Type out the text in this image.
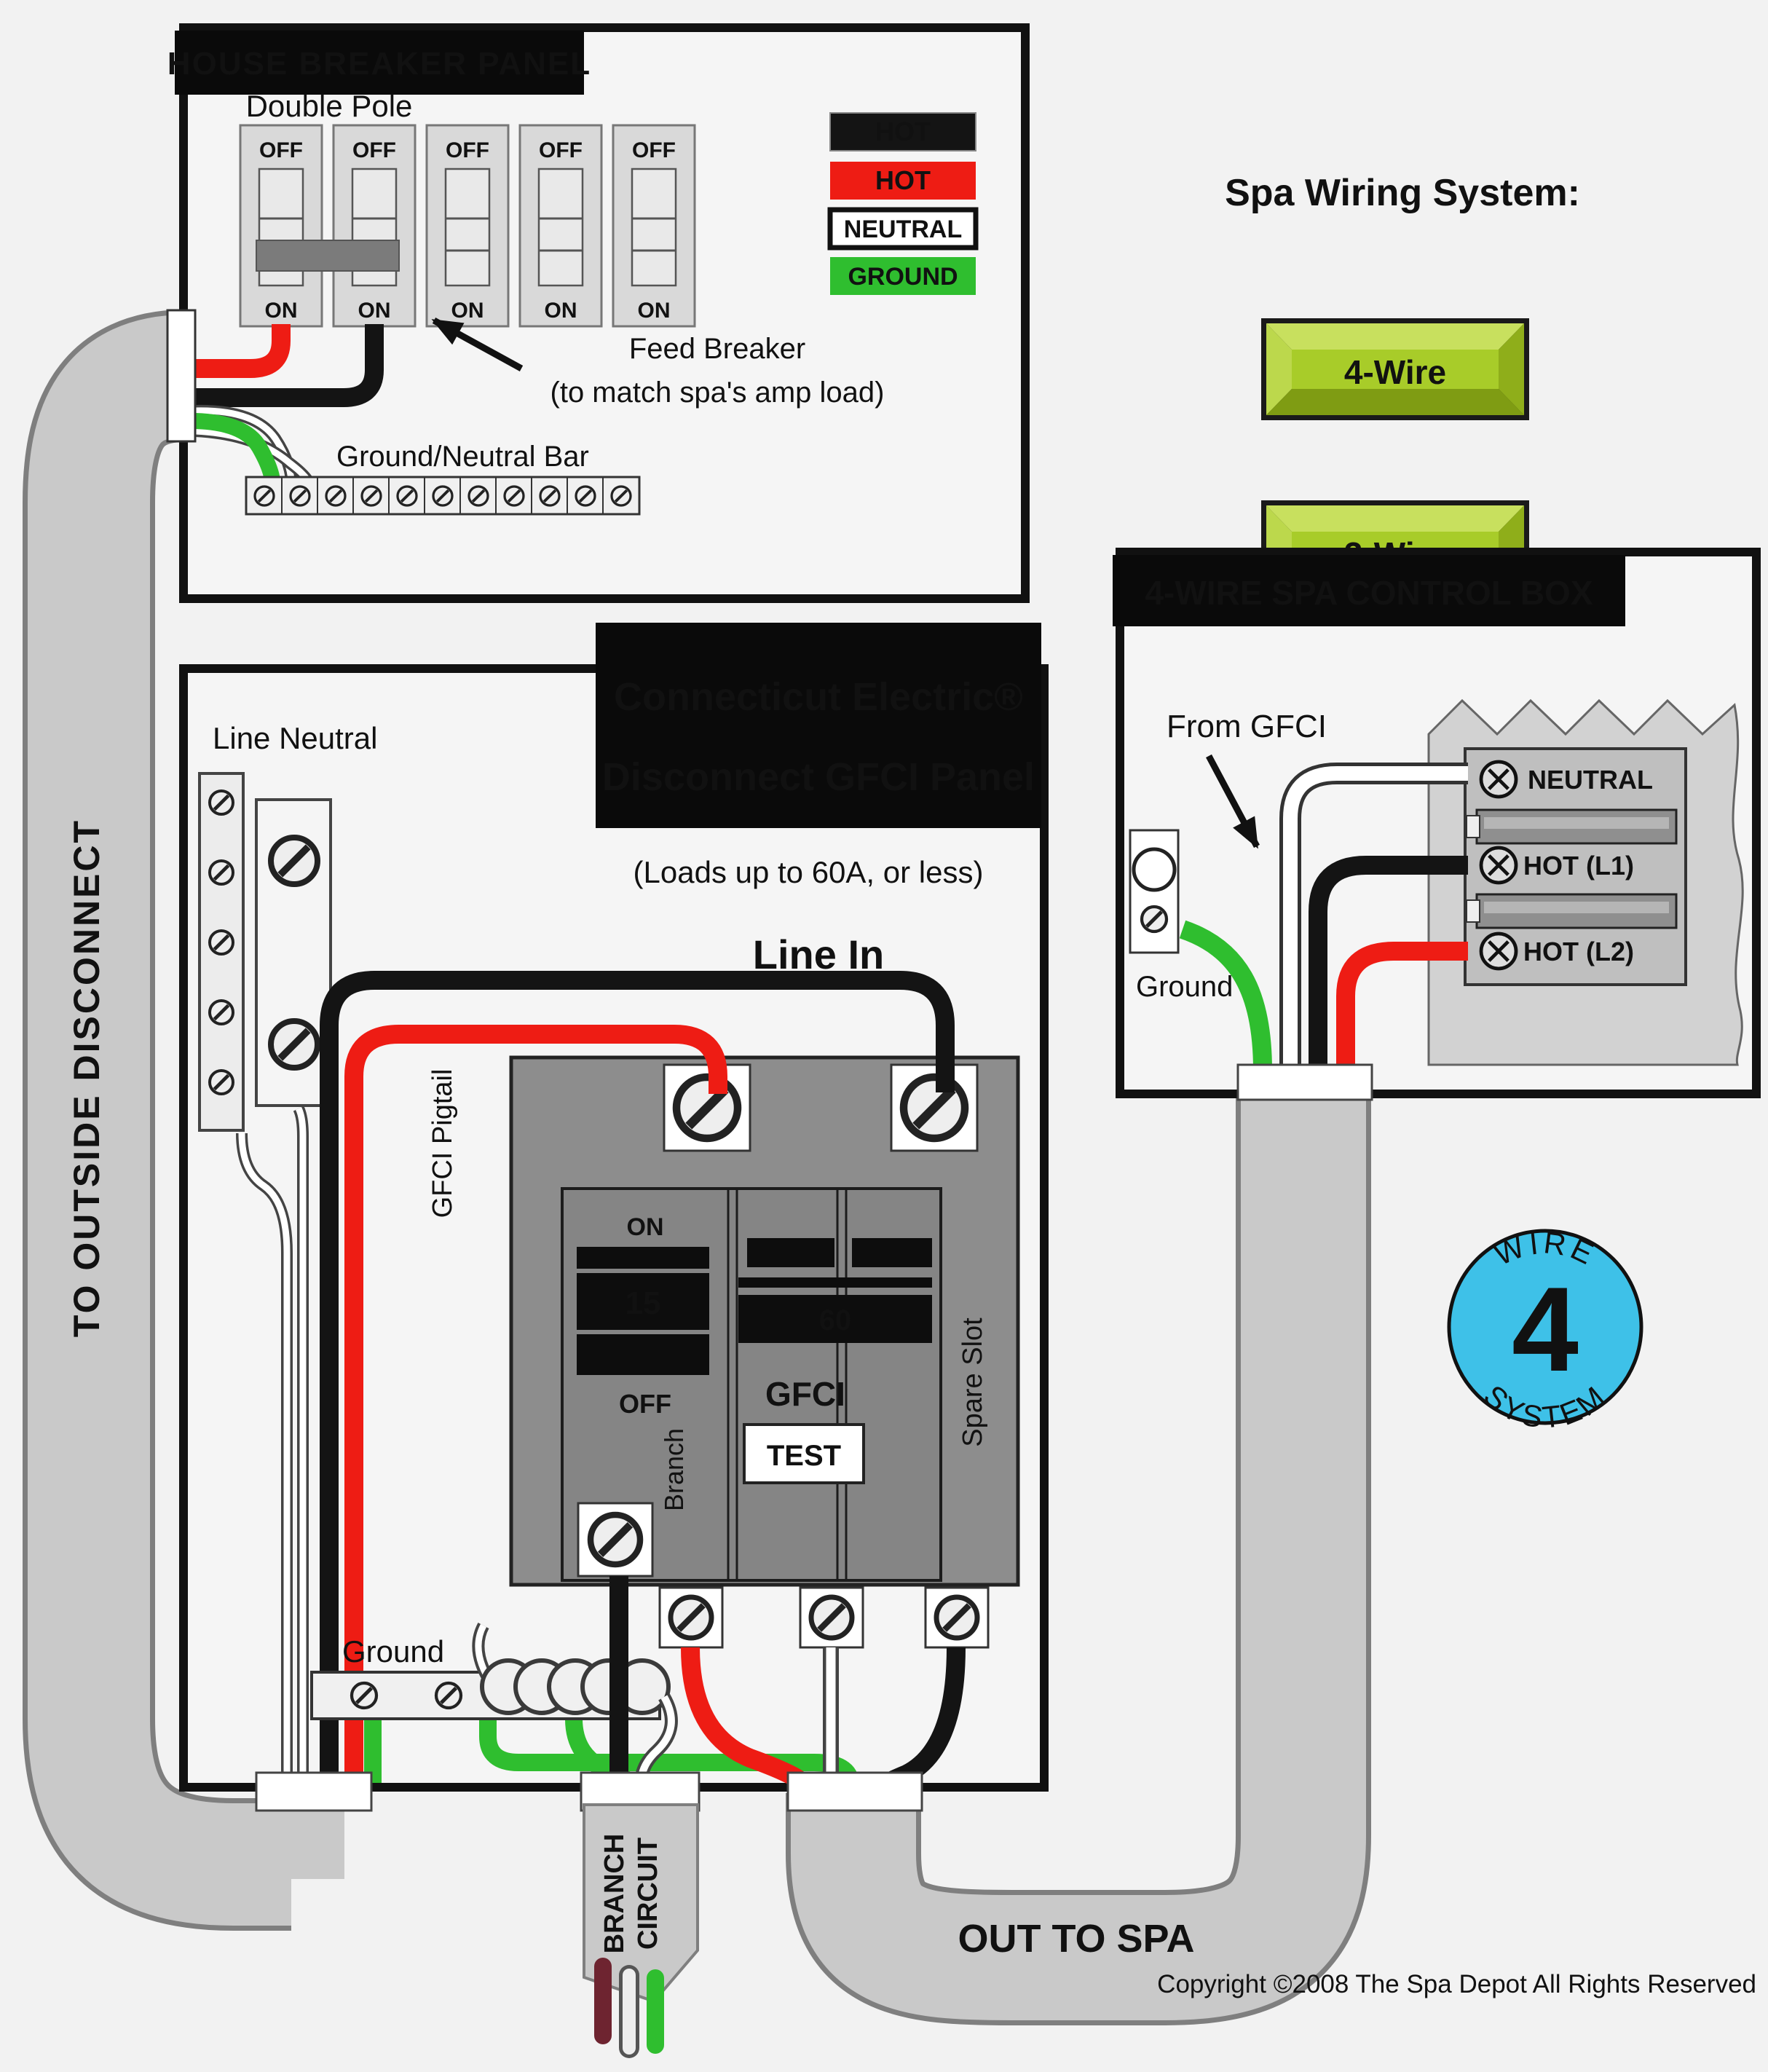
TO OUTSIDE DISCONNECT
OUT TO SPA
HOUSE BREAKER PANEL
Double Pole
OFF
ON
OFF
ON
OFF
ON
OFF
ON
OFF
ON
Feed Breaker
(to match spa's amp load)
Ground/Neutral Bar
HOT
HOT
NEUTRAL
GROUND
Spa Wiring System:
4-Wire
Connecticut Electric®
Disconnect GFCI Panel
Line Neutral
(Loads up to 60A, or less)
Line In
GFCI Pigtail
ON
15
OFF
Branch
60
GFCI
TEST
Spare Slot
Ground
BRANCH CIRCUIT
4-WIRE SPA CONTROL BOX
NEUTRAL
HOT (L1)
HOT (L2)
Ground
From GFCI
WIRE
4
SYSTEM
Copyright ©2008 The Spa Depot All Rights Reserved
